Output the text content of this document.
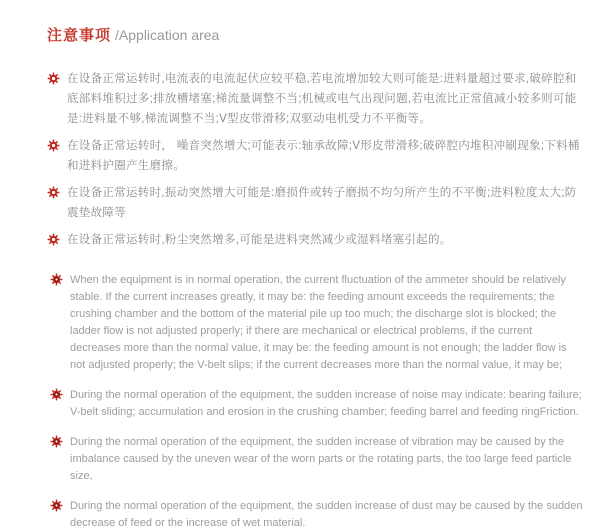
注意事项 /Application area

在设备正常运转时,电流表的电流起伏应较平稳,若电流增加较大则可能是:进料量超过要求,破碎腔和底部料堆积过多;排放槽堵塞;梯流量调整不当;机械或电气出现问题,若电流比正常值减小较多则可能是:进料量不够,梯流调整不当;V型皮带滑移;双驱动电机受力不平衡等。

在设备正常运转时， 噪音突然增大;可能表示:轴承故障;V形皮带滑移;破碎腔内堆积冲刷现象;下料桶和进料护圈产生磨擦。

在设备正常运转时,振动突然增大可能是:磨损件或转子磨损不均匀所产生的不平衡;进料粒度太大;防震垫故障等

在设备正常运转时,粉尘突然增多,可能是进料突然减少或湿料堵塞引起的。

When the equipment is in normal operation, the current fluctuation of the ammeter should be relatively stable. If the current increases greatly, it may be: the feeding amount exceeds the requirements; the crushing chamber and the bottom of the material pile up too much; the discharge slot is blocked; the ladder flow is not adjusted properly; if there are mechanical or electrical problems, if the current decreases more than the normal value, it may be: the feeding amount is not enough; the ladder flow is not adjusted properly; the V-belt slips; if the current decreases more than the normal value, it may be;

During the normal operation of the equipment, the sudden increase of noise may indicate: bearing failure; V-belt sliding; accumulation and erosion in the crushing chamber; feeding barrel and feeding ringFriction.

During the normal operation of the equipment, the sudden increase of vibration may be caused by the imbalance caused by the uneven wear of the worn parts or the rotating parts, the too large feed particle size,

During the normal operation of the equipment, the sudden increase of dust may be caused by the sudden decrease of feed or the increase of wet material.
